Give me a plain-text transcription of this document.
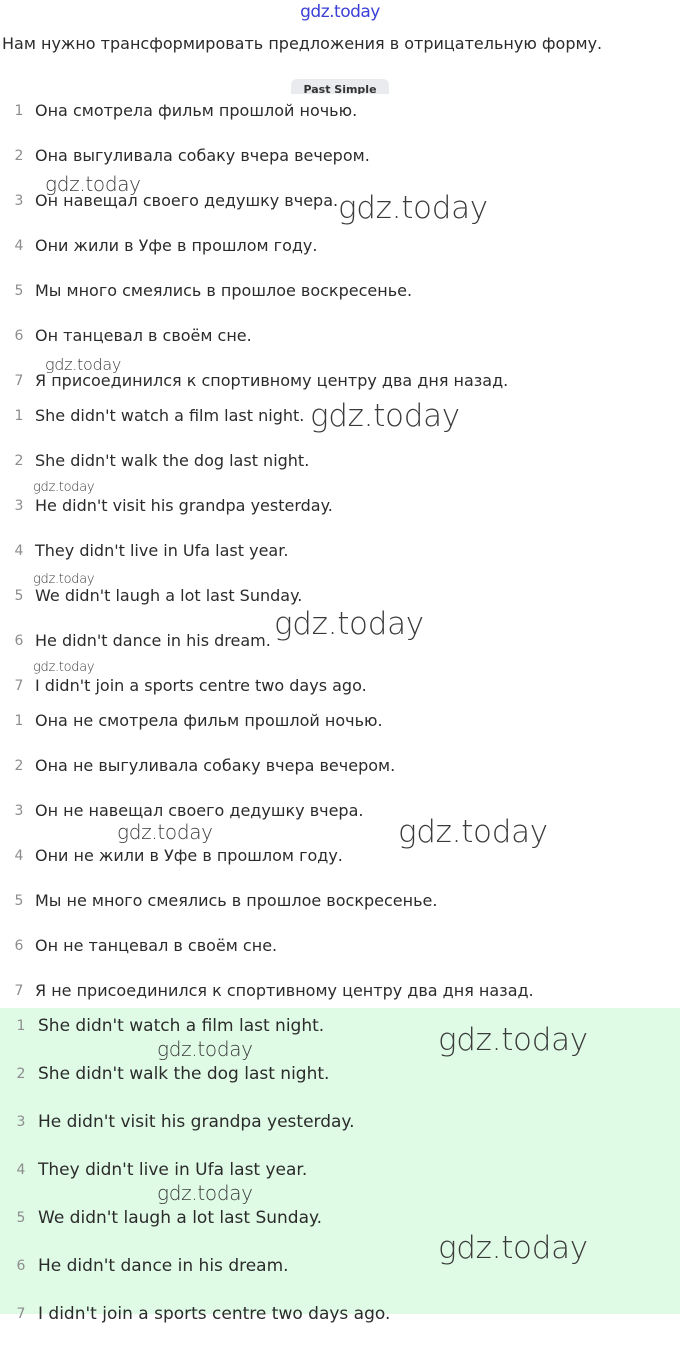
gdz.today
Нам нужно трансформировать предложения в отрицательную форму.
Past Simple
1 Она смотрела фильм прошлой ночью.
2 Она выгуливала собаку вчера вечером.
3 Он навещал своего дедушку вчера.
4 Они жили в Уфе в прошлом году.
5 Мы много смеялись в прошлое воскресенье.
6 Он танцевал в своём сне.
7 Я присоединился к спортивному центру два дня назад.
1 She didn't watch a film last night.
2 She didn't walk the dog last night.
3 He didn't visit his grandpa yesterday.
4 They didn't live in Ufa last year.
5 We didn't laugh a lot last Sunday.
6 He didn't dance in his dream.
7 I didn't join a sports centre two days ago.
1 Она не смотрела фильм прошлой ночью.
2 Она не выгуливала собаку вчера вечером.
3 Он не навещал своего дедушку вчера.
4 Они не жили в Уфе в прошлом году.
5 Мы не много смеялись в прошлое воскресенье.
6 Он не танцевал в своём сне.
7 Я не присоединился к спортивному центру два дня назад.
1 She didn't watch a film last night.
2 She didn't walk the dog last night.
3 He didn't visit his grandpa yesterday.
4 They didn't live in Ufa last year.
5 We didn't laugh a lot last Sunday.
6 He didn't dance in his dream.
7 I didn't join a sports centre two days ago.
gdz.today
gdz.today
gdz.today
gdz.today
gdz.today
gdz.today
gdz.today
gdz.today
gdz.today	gdz.today
gdz.today	gdz.today
gdz.today
gdz.today
